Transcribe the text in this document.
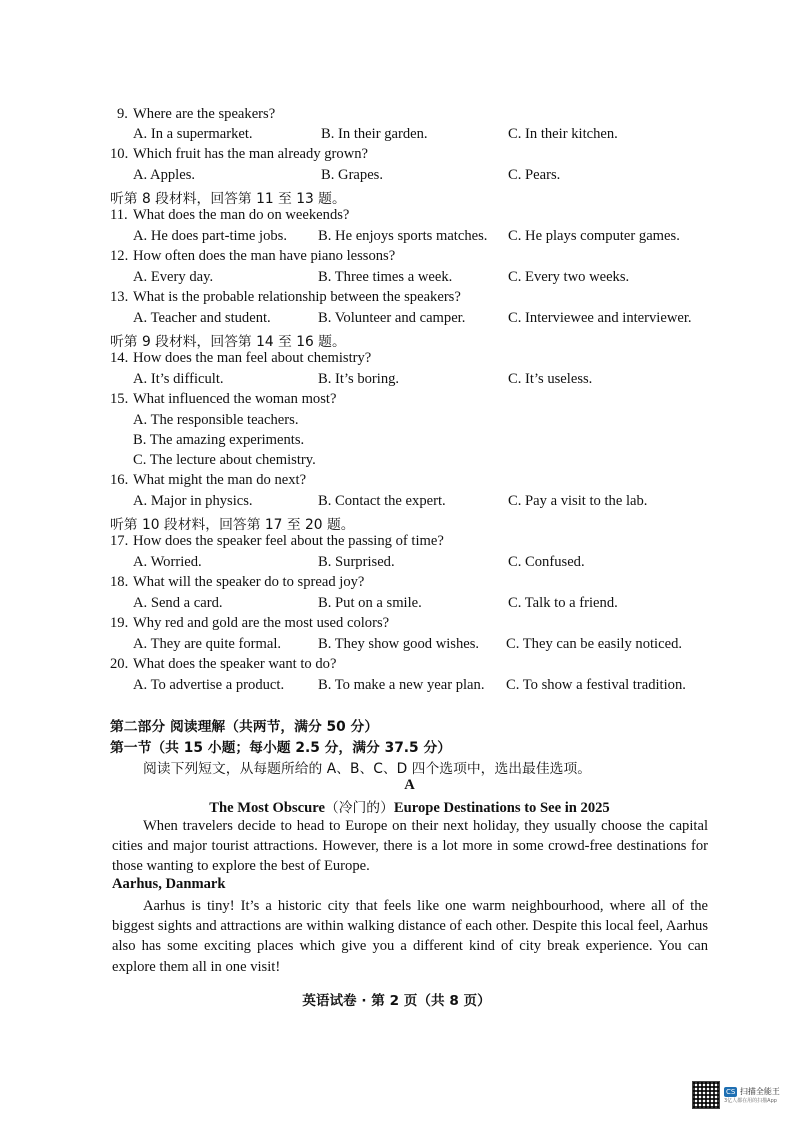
9. Where are the speakers?
A. In a supermarket.	B. In their garden.	C. In their kitchen.
10. Which fruit has the man already grown?
A. Apples.	B. Grapes.	C. Pears.
听第 8 段材料，回答第 11 至 13 题。
11. What does the man do on weekends?
A. He does part-time jobs. B. He enjoys sports matches. C. He plays computer games.
12. How often does the man have piano lessons?
A. Every day.	B. Three times a week.	C. Every two weeks.
13. What is the probable relationship between the speakers?
A. Teacher and student.	B. Volunteer and camper.	C. Interviewee and interviewer.
听第 9 段材料，回答第 14 至 16 题。
14. How does the man feel about chemistry?
A. It’s difficult.	B. It’s boring.	C. It’s useless.
15. What influenced the woman most?
A. The responsible teachers.
B. The amazing experiments.
C. The lecture about chemistry.
16. What might the man do next?
A. Major in physics.	B. Contact the expert.	C. Pay a visit to the lab.
听第 10 段材料，回答第 17 至 20 题。
17. How does the speaker feel about the passing of time?
A. Worried.	B. Surprised.	C. Confused.
18. What will the speaker do to spread joy?
A. Send a card.	B. Put on a smile.	C. Talk to a friend.
19. Why red and gold are the most used colors?
A. They are quite formal.	B. They show good wishes. C. They can be easily noticed.
20. What does the speaker want to do?
A. To advertise a product. B. To make a new year plan. C. To show a festival tradition.
第二部分 阅读理解（共两节，满分 50 分）
第一节（共 15 小题；每小题 2.5 分，满分 37.5 分）
阅读下列短文，从每题所给的 A、B、C、D 四个选项中，选出最佳选项。
A
The Most Obscure（冷门的）Europe Destinations to See in 2025
When travelers decide to head to Europe on their next holiday, they usually choose the capital cities and major tourist attractions. However, there is a lot more in some crowd-free destinations for those wanting to explore the best of Europe.
Aarhus, Danmark
Aarhus is tiny! It’s a historic city that feels like one warm neighbourhood, where all of the biggest sights and attractions are within walking distance of each other. Despite this local feel, Aarhus also has some exciting places which give you a different kind of city break experience. You can explore them all in one visit!
英语试卷 · 第 2 页（共 8 页）
CS 扫描全能王
3亿人都在用的扫描App
